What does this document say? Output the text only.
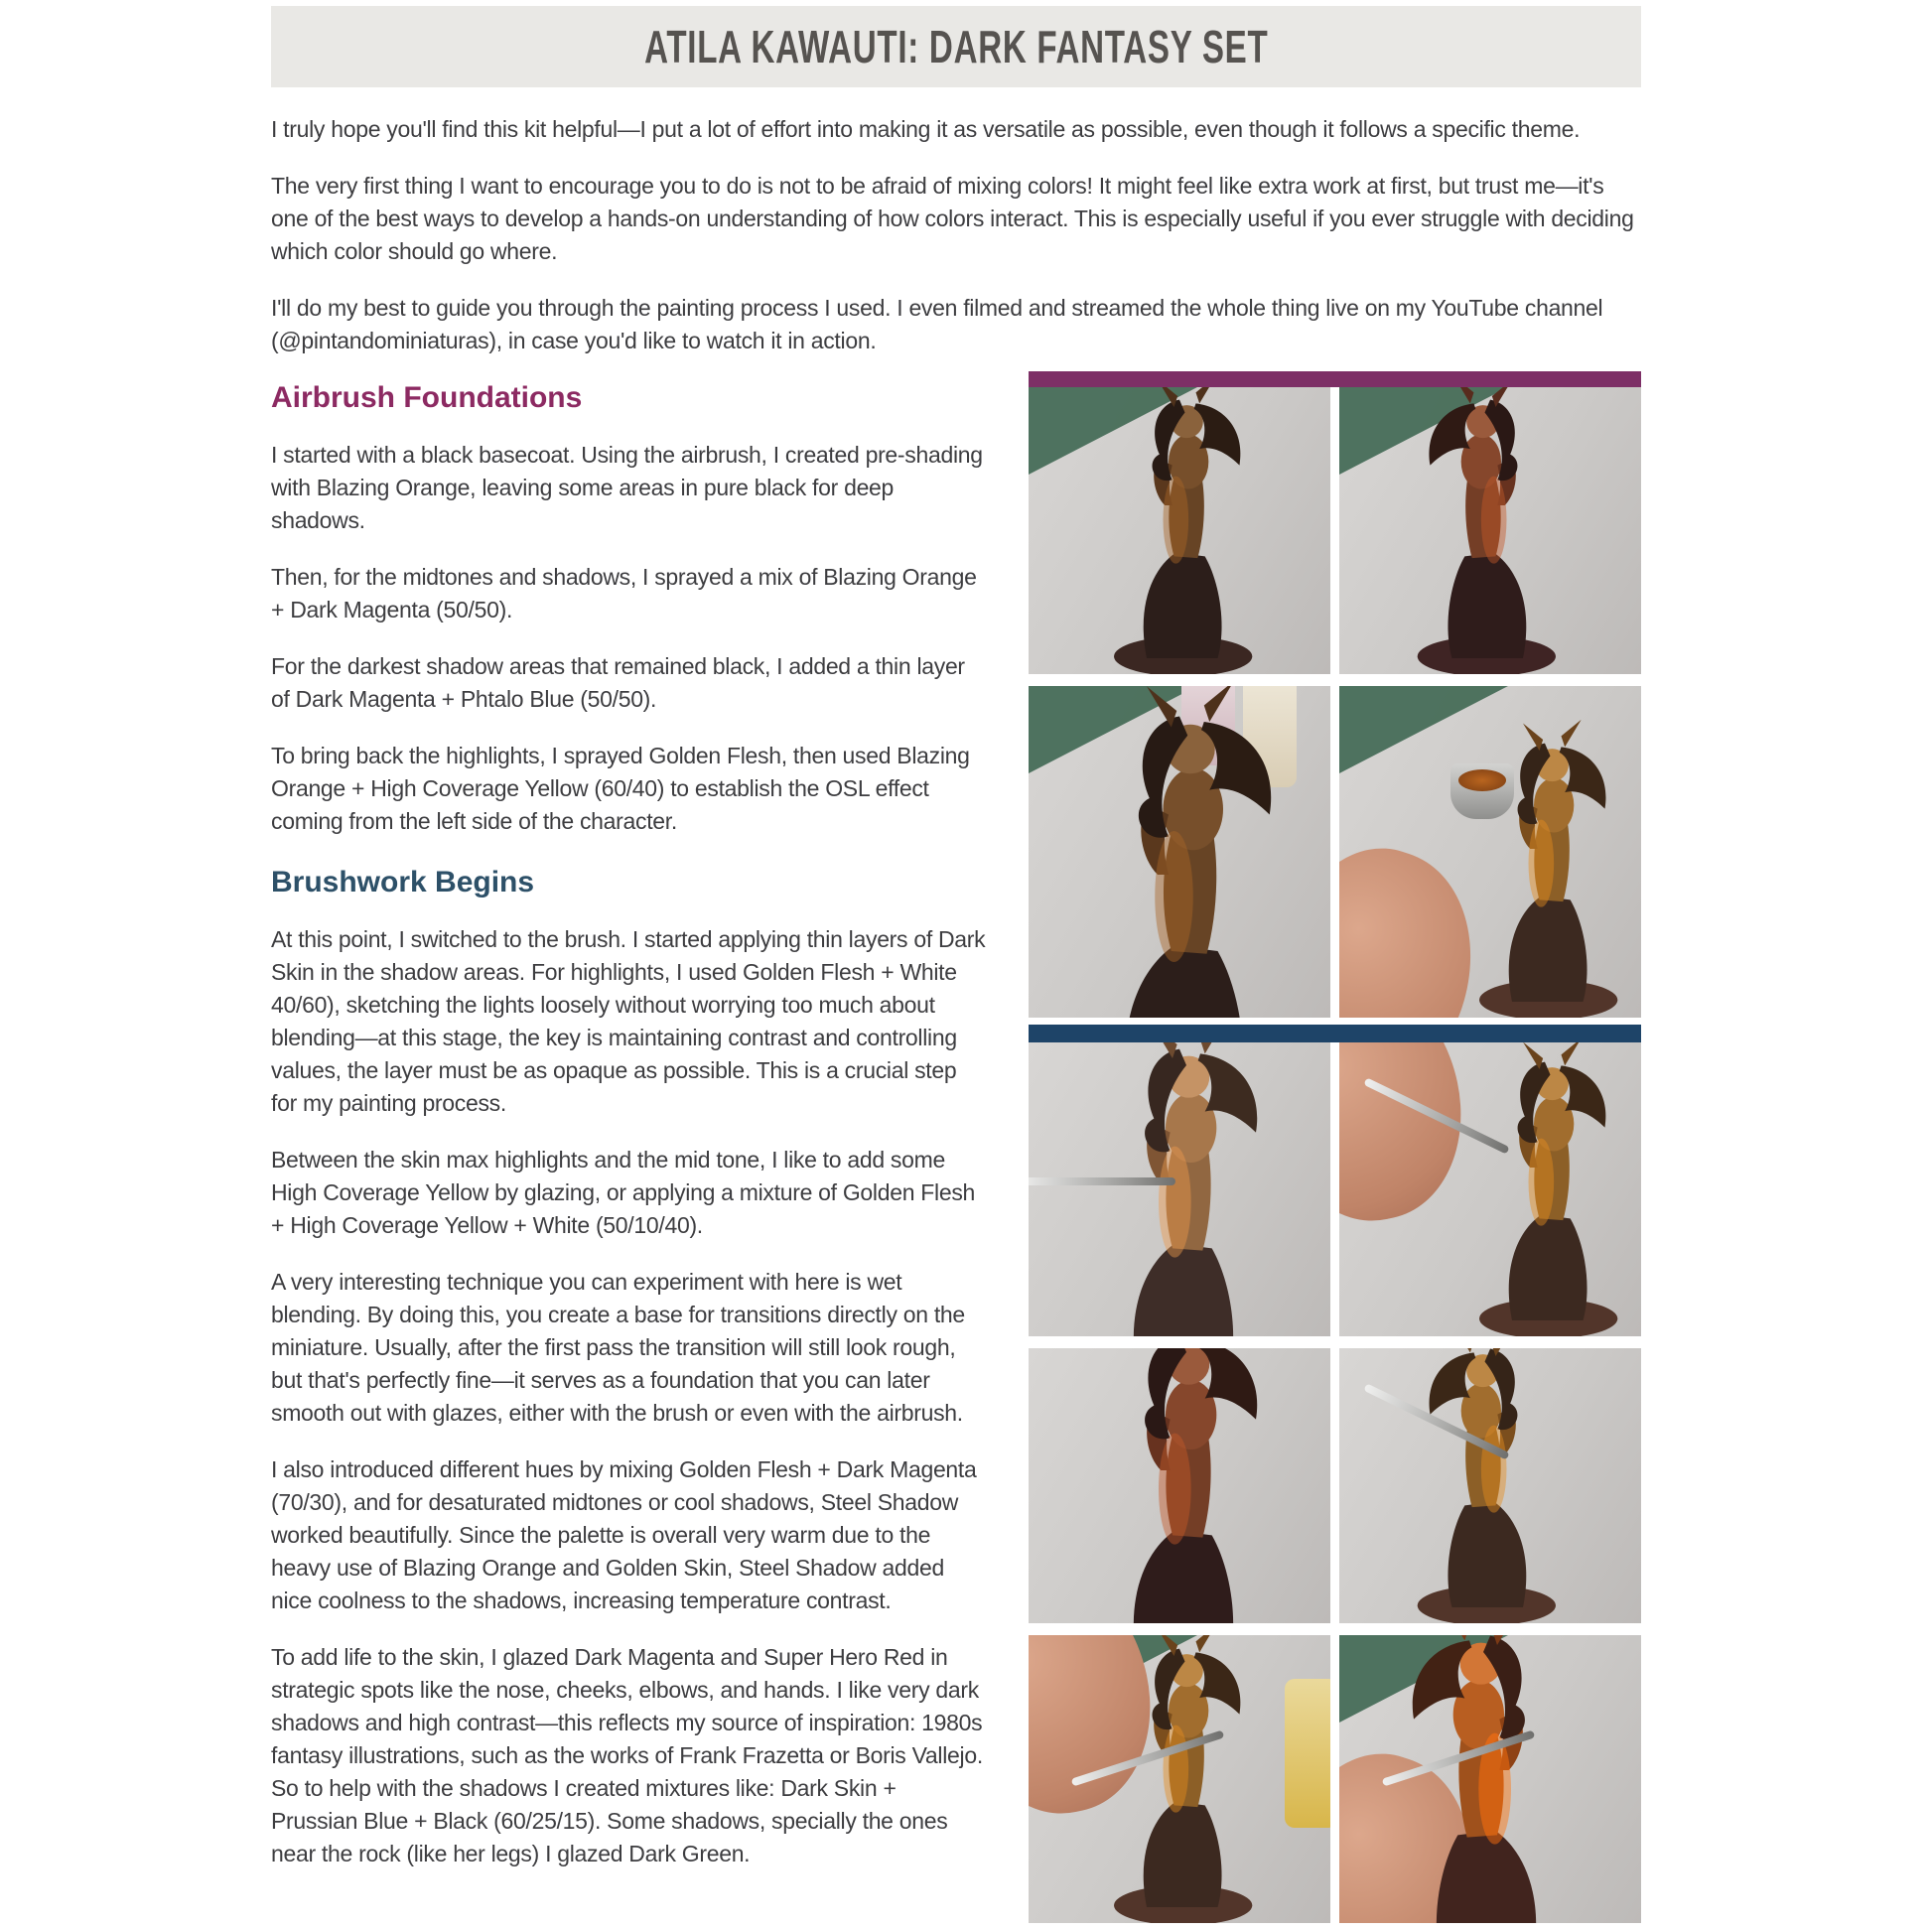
ATILA KAWAUTI: DARK FANTASY SET

I truly hope you'll find this kit helpful—I put a lot of effort into making it as versatile as possible, even though it follows a specific theme.

The very first thing I want to encourage you to do is not to be afraid of mixing colors! It might feel like extra work at first, but trust me—it's one of the best ways to develop a hands-on understanding of how colors interact. This is especially useful if you ever struggle with deciding which color should go where.

I'll do my best to guide you through the painting process I used. I even filmed and streamed the whole thing live on my YouTube channel (@pintandominiaturas), in case you'd like to watch it in action.

Airbrush Foundations

I started with a black basecoat. Using the airbrush, I created pre-shading with Blazing Orange, leaving some areas in pure black for deep shadows.

Then, for the midtones and shadows, I sprayed a mix of Blazing Orange + Dark Magenta (50/50).

For the darkest shadow areas that remained black, I added a thin layer of Dark Magenta + Phtalo Blue (50/50).

To bring back the highlights, I sprayed Golden Flesh, then used Blazing Orange + High Coverage Yellow (60/40) to establish the OSL effect coming from the left side of the character.

Brushwork Begins

At this point, I switched to the brush. I started applying thin layers of Dark Skin in the shadow areas. For highlights, I used Golden Flesh + White 40/60), sketching the lights loosely without worrying too much about blending—at this stage, the key is maintaining contrast and controlling values, the layer must be as opaque as possible. This is a crucial step for my painting process.

Between the skin max highlights and the mid tone, I like to add some High Coverage Yellow by glazing, or applying a mixture of Golden Flesh + High Coverage Yellow + White (50/10/40).

A very interesting technique you can experiment with here is wet blending. By doing this, you create a base for transitions directly on the miniature. Usually, after the first pass the transition will still look rough, but that's perfectly fine—it serves as a foundation that you can later smooth out with glazes, either with the brush or even with the airbrush.

I also introduced different hues by mixing Golden Flesh + Dark Magenta (70/30), and for desaturated midtones or cool shadows, Steel Shadow worked beautifully. Since the palette is overall very warm due to the heavy use of Blazing Orange and Golden Skin, Steel Shadow added nice coolness to the shadows, increasing temperature contrast.

To add life to the skin, I glazed Dark Magenta and Super Hero Red in strategic spots like the nose, cheeks, elbows, and hands. I like very dark shadows and high contrast—this reflects my source of inspiration: 1980s fantasy illustrations, such as the works of Frank Frazetta or Boris Vallejo. So to help with the shadows I created mixtures like: Dark Skin + Prussian Blue + Black (60/25/15). Some shadows, specially the ones near the rock (like her legs) I glazed Dark Green.
